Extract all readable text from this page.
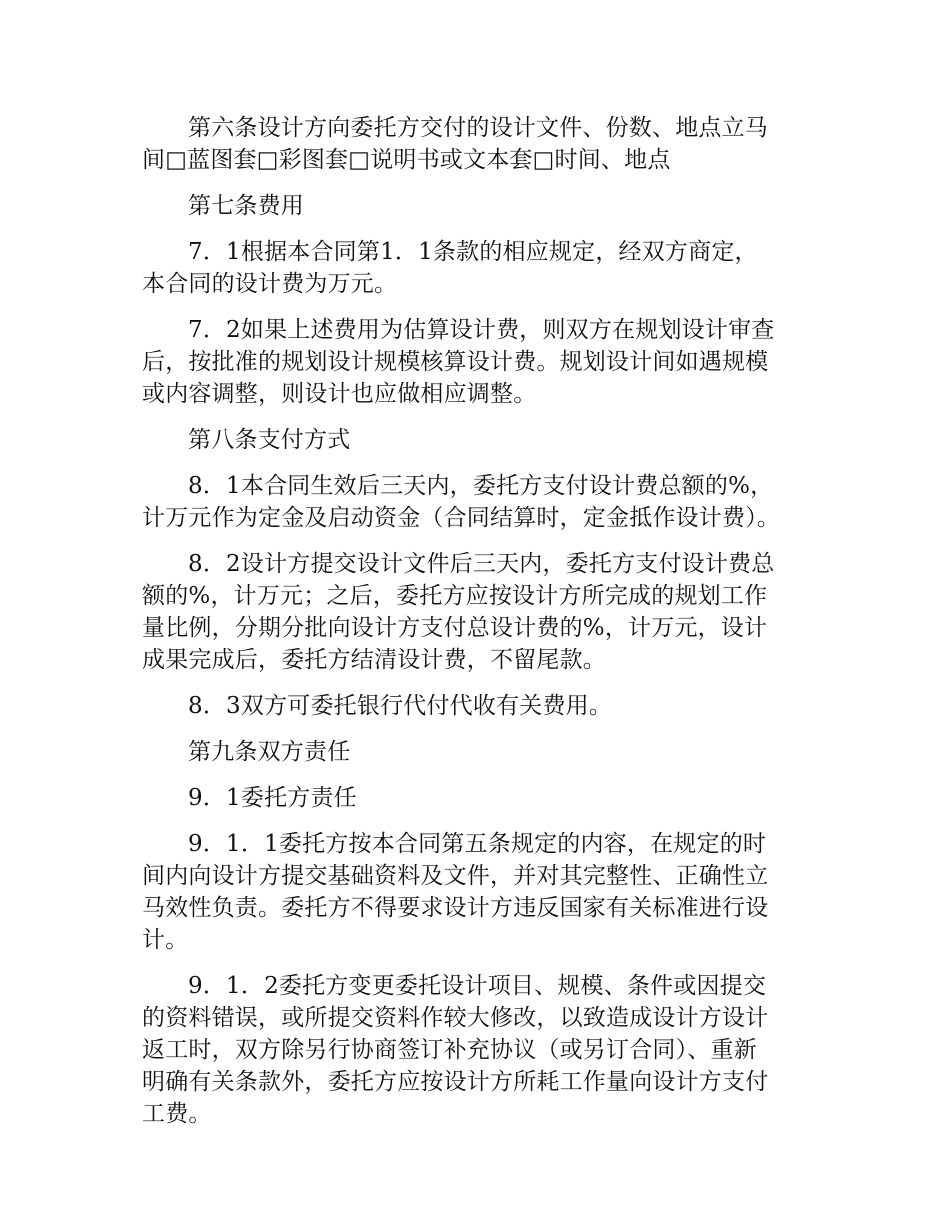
第六条设计方向委托方交付的设计文件、份数、地点立马
间□蓝图套□彩图套□说明书或文本套□时间、地点

第七条费用

7．1根据本合同第1．1条款的相应规定，经双方商定，
本合同的设计费为万元。

7．2如果上述费用为估算设计费，则双方在规划设计审查
后，按批准的规划设计规模核算设计费。规划设计间如遇规模
或内容调整，则设计也应做相应调整。

第八条支付方式

8．1本合同生效后三天内，委托方支付设计费总额的%，
计万元作为定金及启动资金（合同结算时，定金抵作设计费）。

8．2设计方提交设计文件后三天内，委托方支付设计费总
额的%，计万元；之后，委托方应按设计方所完成的规划工作
量比例，分期分批向设计方支付总设计费的%，计万元，设计
成果完成后，委托方结清设计费，不留尾款。

8．3双方可委托银行代付代收有关费用。

第九条双方责任

9．1委托方责任

9．1．1委托方按本合同第五条规定的内容，在规定的时
间内向设计方提交基础资料及文件，并对其完整性、正确性立
马效性负责。委托方不得要求设计方违反国家有关标准进行设
计。

9．1．2委托方变更委托设计项目、规模、条件或因提交
的资料错误，或所提交资料作较大修改，以致造成设计方设计
返工时，双方除另行协商签订补充协议（或另订合同）、重新
明确有关条款外，委托方应按设计方所耗工作量向设计方支付
工费。
